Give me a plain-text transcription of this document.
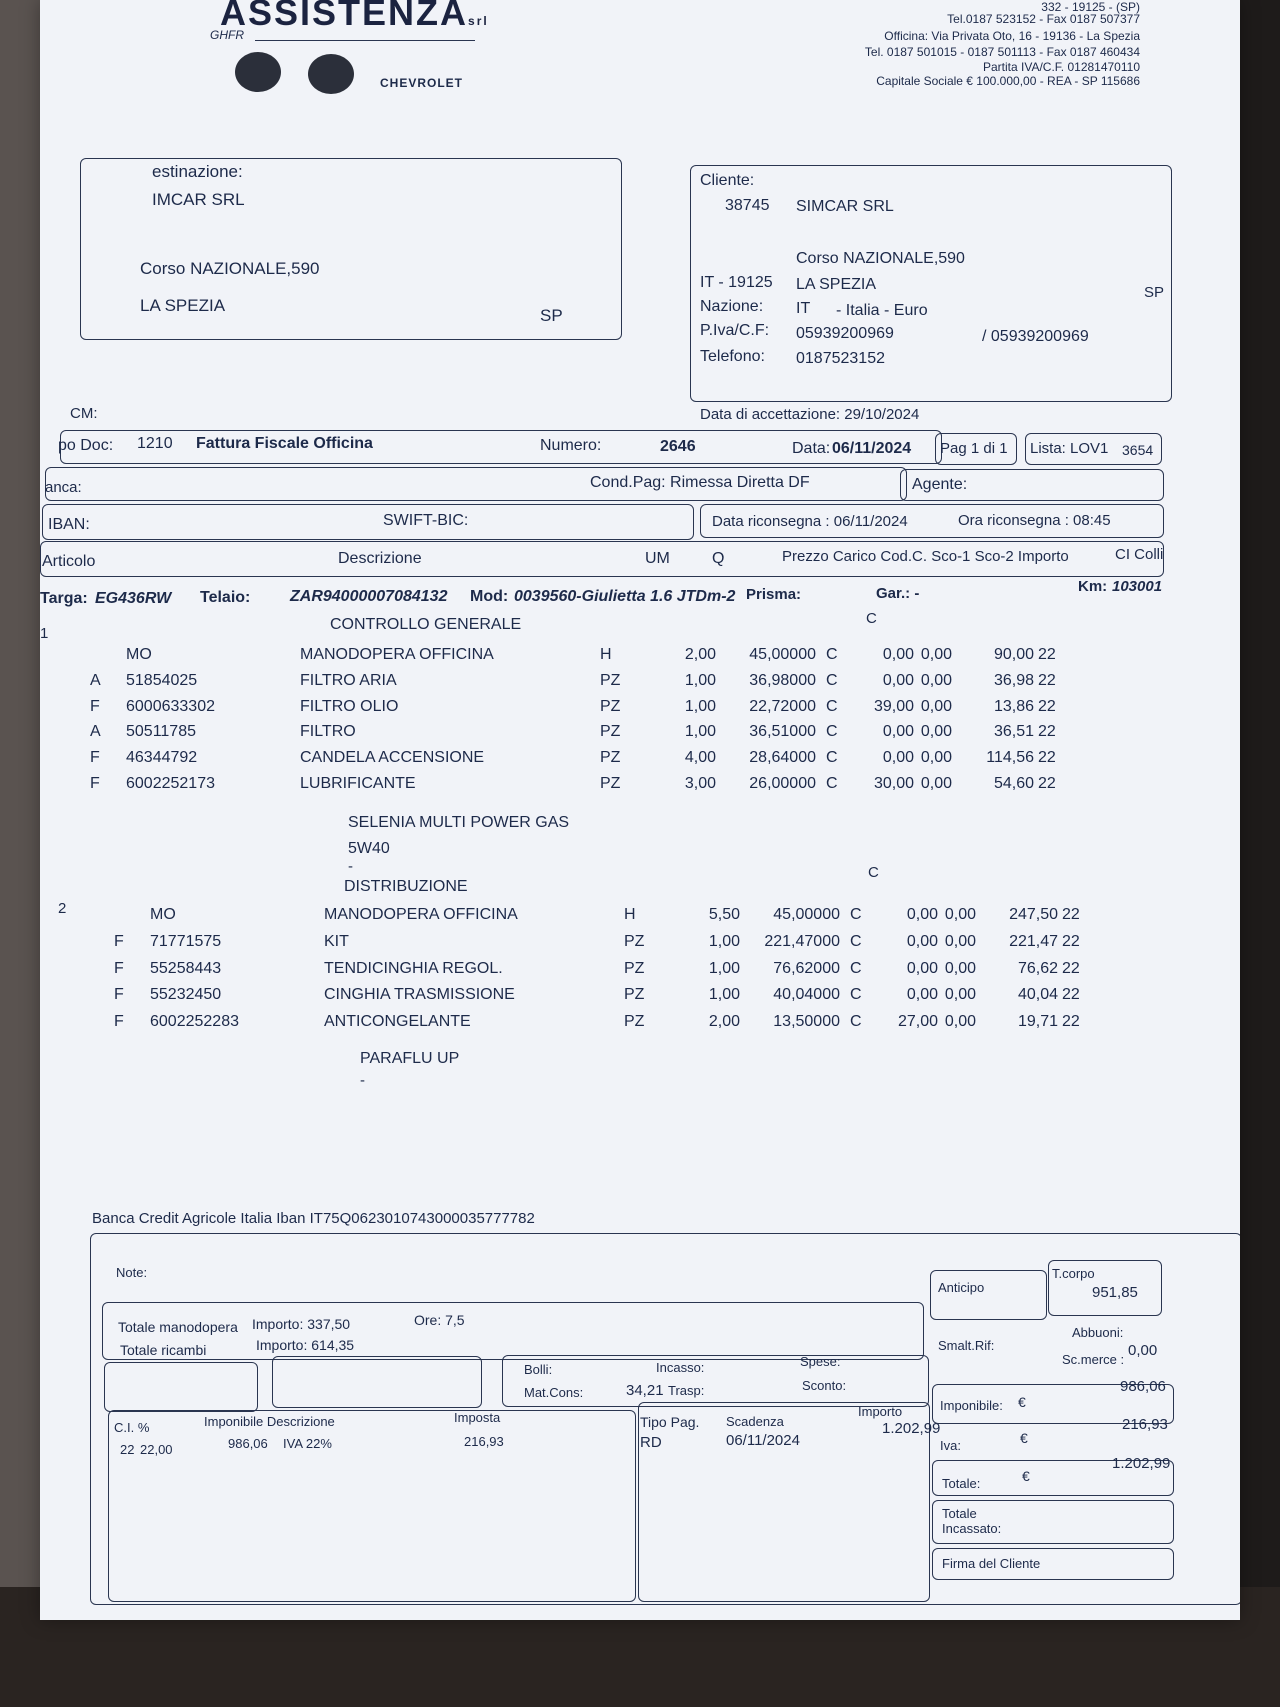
ASSISTENZAsrl
GHFR
CHEVROLET
332 - 19125 - (SP)
Tel.0187 523152 - Fax 0187 507377
Officina: Via Privata Oto, 16 - 19136 - La Spezia
Tel. 0187 501015 - 0187 501113 - Fax 0187 460434
Partita IVA/C.F. 01281470110
Capitale Sociale € 100.000,00 - REA - SP 115686
estinazione:
IMCAR SRL
Corso NAZIONALE,590
LA SPEZIA
SP
Cliente:
38745 SIMCAR SRL
Corso NAZIONALE,590
IT - 19125 LA SPEZIA	SP
Nazione: IT - Italia - Euro
P.Iva/C.F: 05939200969	/ 05939200969
Telefono: 0187523152
CM:	Data di accettazione: 29/10/2024
po Doc: 1210 Fattura Fiscale Officina	Numero:	2646	Data: 06/11/2024 Pag 1 di 1 Lista: LOV1 3654
anca:	Cond.Pag: Rimessa Diretta DF	Agente:
IBAN:	SWIFT-BIC:	Data riconsegna : 06/11/2024	Ora riconsegna : 08:45
Articolo	Descrizione	UM	Q	Prezzo Carico Cod.C. Sco-1 Sco-2 Importo	CI Colli
Targa: EG436RW Telaio: ZAR94000007084132 Mod: 0039560-Giulietta 1.6 JTDm-2 Prisma:	Gar.: -	Km: 103001
1
CONTROLLO GENERALE	C
MO	MANODOPERA OFFICINA	H	2,00	45,00000 C	0,00 0,00	90,00 22
A	51854025	FILTRO ARIA	PZ	1,00	36,98000 C	0,00 0,00	36,98 22
F	6000633302	FILTRO OLIO	PZ	1,00	22,72000 C	39,00 0,00	13,86 22
A	50511785	FILTRO	PZ	1,00	36,51000 C	0,00 0,00	36,51 22
F	46344792	CANDELA ACCENSIONE	PZ	4,00	28,64000 C	0,00 0,00	114,56 22
F	6002252173	LUBRIFICANTE	PZ	3,00	26,00000 C	30,00 0,00	54,60 22
SELENIA MULTI POWER GAS
5W40
-
2
DISTRIBUZIONE
C
MO	MANODOPERA OFFICINA	H	5,50	45,00000 C	0,00 0,00	247,50 22
F	71771575	KIT	PZ	1,00	221,47000 C	0,00 0,00	221,47 22
F	55258443	TENDICINGHIA REGOL.	PZ	1,00	76,62000 C	0,00 0,00	76,62 22
F	55232450	CINGHIA TRASMISSIONE	PZ	1,00	40,04000 C	0,00 0,00	40,04 22
F	6002252283	ANTICONGELANTE	PZ	2,00	13,50000 C	27,00 0,00	19,71 22
PARAFLU UP
-
Banca Credit Agricole Italia Iban IT75Q0623010743000035777782
Note:
Anticipo
T.corpo
951,85
Totale manodopera Importo: 337,50	Ore: 7,5
Totale ricambi	Importo: 614,35
Bolli:	Incasso:	Spese:
Mat.Cons:	34,21 Trasp:	Sconto:
Smalt.Rif:
Abbuoni:
Sc.merce :
0,00
C.I. %	Imponibile Descrizione	Imposta
22 22,00	986,06 IVA 22%	216,93
Tipo Pag.
RD
Scadenza
06/11/2024
Importo
1.202,99
Imponibile: €
986,06
Iva:	€
216,93
Totale:	€
1.202,99
Totale Incassato:
Firma del Cliente
